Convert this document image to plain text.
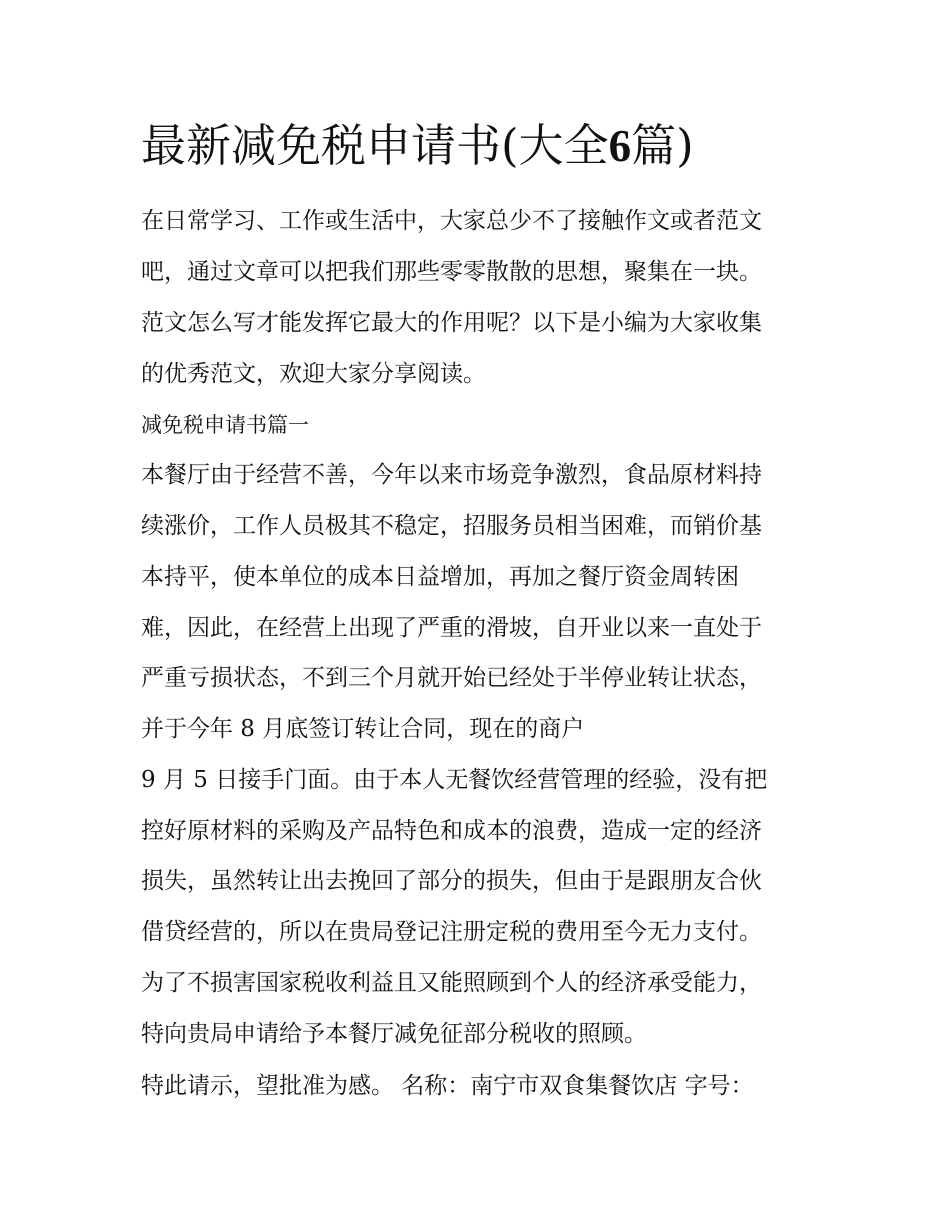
最新减免税申请书(大全6篇)

在日常学习、工作或生活中，大家总少不了接触作文或者范文

吧，通过文章可以把我们那些零零散散的思想，聚集在一块。

范文怎么写才能发挥它最大的作用呢？以下是小编为大家收集

的优秀范文，欢迎大家分享阅读。

减免税申请书篇一

本餐厅由于经营不善，今年以来市场竞争激烈，食品原材料持

续涨价，工作人员极其不稳定，招服务员相当困难，而销价基

本持平，使本单位的成本日益增加，再加之餐厅资金周转困

难，因此，在经营上出现了严重的滑坡，自开业以来一直处于

严重亏损状态，不到三个月就开始已经处于半停业转让状态，

并于今年 8 月底签订转让合同，现在的商户

9 月 5 日接手门面。由于本人无餐饮经营管理的经验，没有把

控好原材料的采购及产品特色和成本的浪费，造成一定的经济

损失，虽然转让出去挽回了部分的损失，但由于是跟朋友合伙

借贷经营的，所以在贵局登记注册定税的费用至今无力支付。

为了不损害国家税收利益且又能照顾到个人的经济承受能力，

特向贵局申请给予本餐厅减免征部分税收的照顾。

特此请示，望批准为感。 名称：南宁市双食集餐饮店 字号：
